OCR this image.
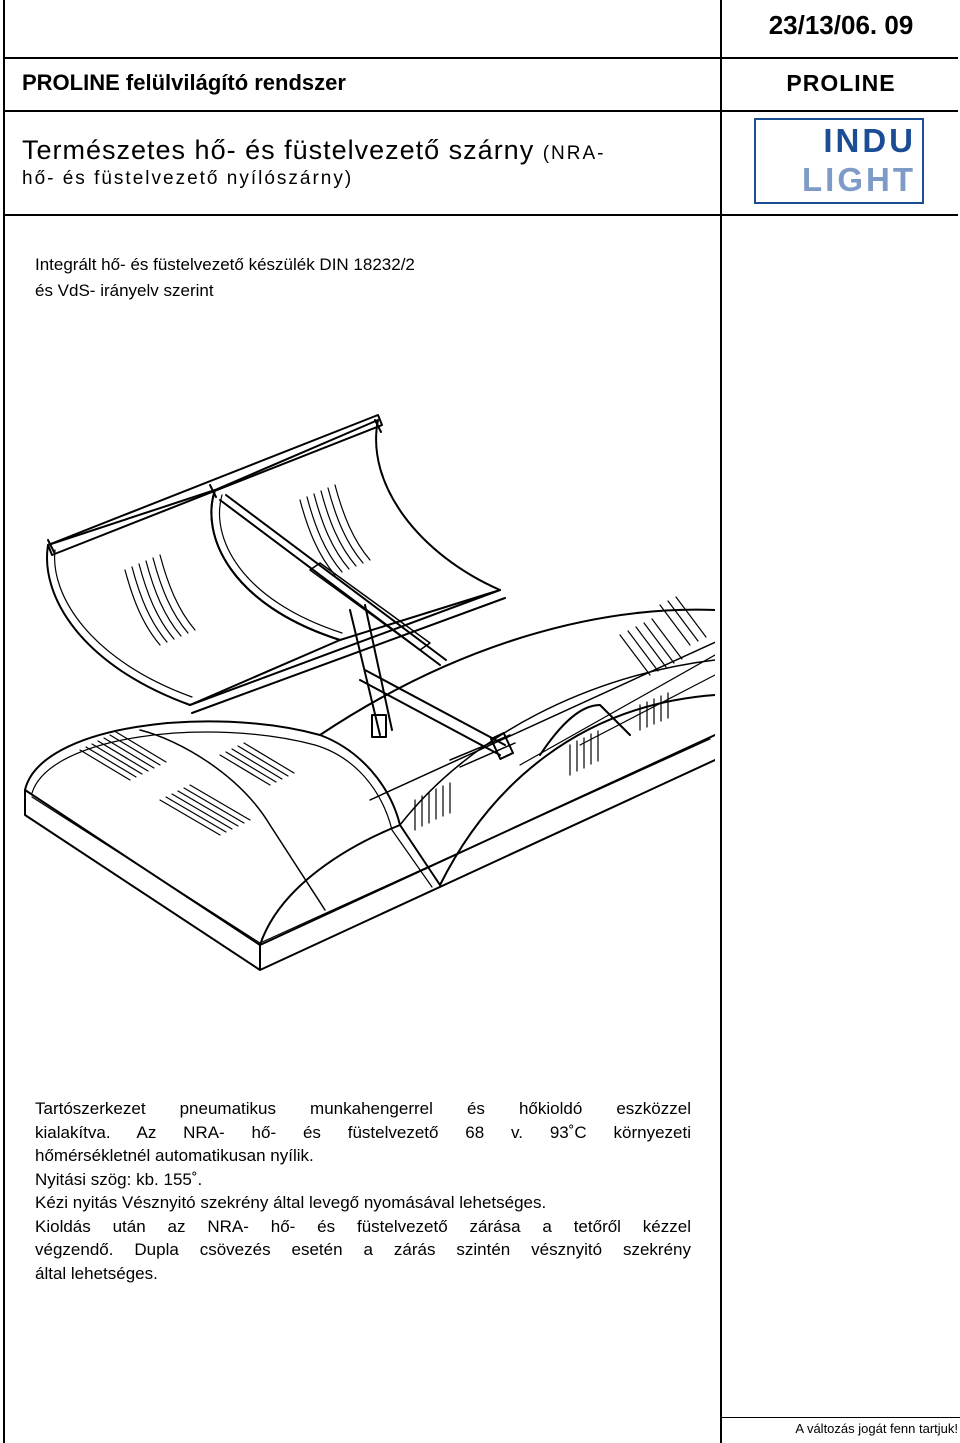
23/13/06. 09
PROLINE felülvilágító rendszer	PROLINE
Természetes hő- és füstelvezető szárny (NRA-
hő- és füstelvezető nyílószárny)
INDU
LIGHT
Integrált hő- és füstelvezető készülék DIN 18232/2
és VdS- irányelv szerint

Tartószerkezet pneumatikus munkahengerrel és hőkioldó eszközzel

kialakítva. Az NRA- hő- és füstelvezető 68 v. 93˚C környezeti

hőmérsékletnél automatikusan nyílik.

Nyitási szög: kb. 155˚.

Kézi nyitás Vésznyitó szekrény által levegő nyomásával lehetséges.

Kioldás után az NRA- hő- és füstelvezető zárása a tetőről kézzel

végzendő. Dupla csövezés esetén a zárás szintén vésznyitó szekrény

által lehetséges.

A változás jogát fenn tartjuk!
